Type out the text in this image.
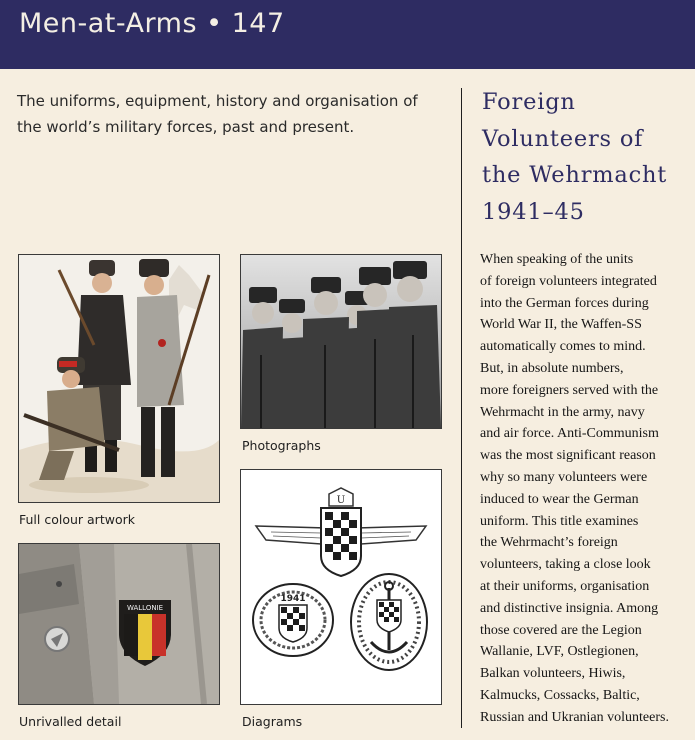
Men-at-Arms • 147
The uniforms, equipment, history and organisation of the world’s military forces, past and present.
Foreign
Volunteers of
the Wehrmacht
1941–45
When speaking of the units
of foreign volunteers integrated
into the German forces during
World War II, the Waffen-SS
automatically comes to mind.
But, in absolute numbers,
more foreigners served with the
Wehrmacht in the army, navy
and air force. Anti-Communism
was the most significant reason
why so many volunteers were
induced to wear the German
uniform. This title examines
the Wehrmacht’s foreign
volunteers, taking a close look
at their uniforms, organisation
and distinctive insignia. Among
those covered are the Legion
Wallanie, LVF, Ostlegionen,
Balkan volunteers, Hiwis,
Kalmucks, Cossacks, Baltic,
Russian and Ukranian volunteers.
Full colour artwork
Photographs
WALLONIE
Unrivalled detail
U
1941
Diagrams
